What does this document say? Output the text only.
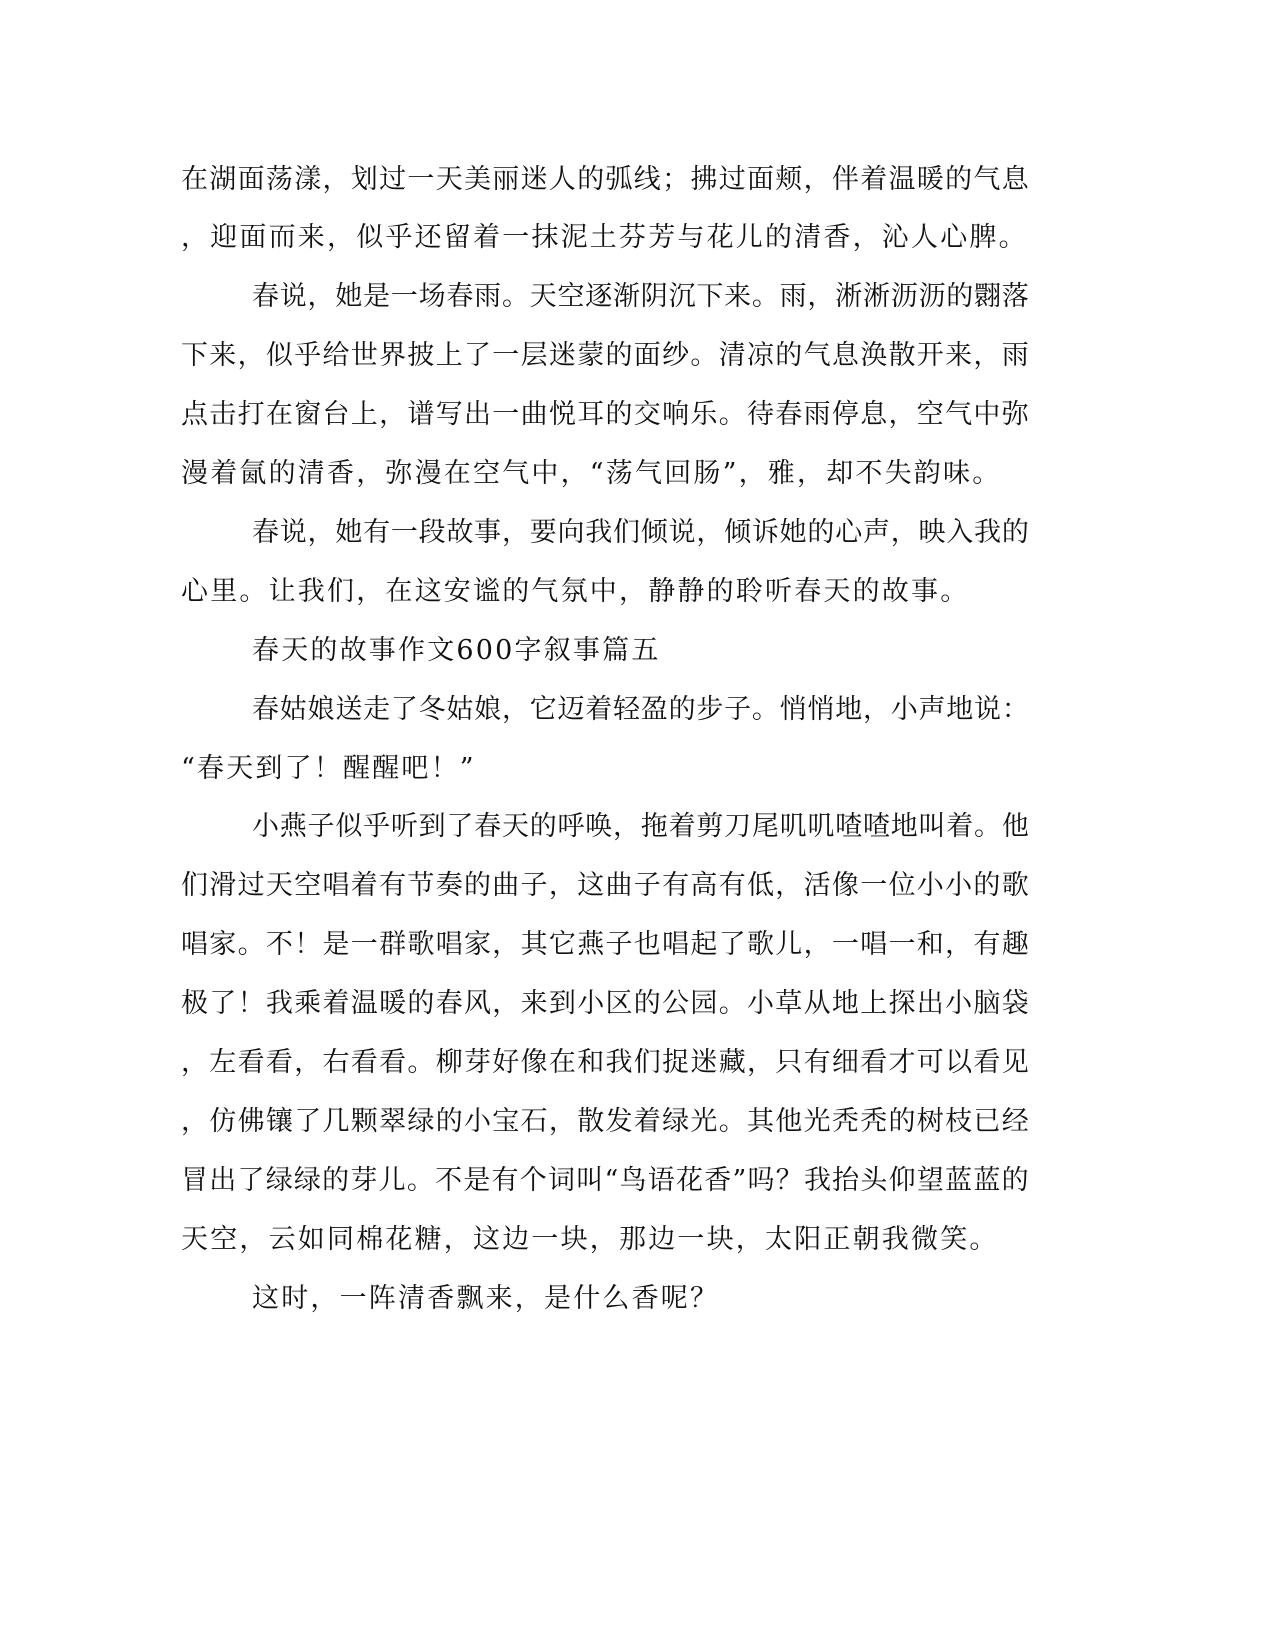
在湖面荡漾，划过一天美丽迷人的弧线；拂过面颊，伴着温暖的气息
，迎面而来，似乎还留着一抹泥土芬芳与花儿的清香，沁人心脾。
春说，她是一场春雨。天空逐渐阴沉下来。雨，淅淅沥沥的翾落
下来，似乎给世界披上了一层迷蒙的面纱。清凉的气息涣散开来，雨
点击打在窗台上，谱写出一曲悦耳的交响乐。待春雨停息，空气中弥
漫着氤的清香，弥漫在空气中，“荡气回肠”，雅，却不失韵味。
春说，她有一段故事，要向我们倾说，倾诉她的心声，映入我的
心里。让我们，在这安谧的气氛中，静静的聆听春天的故事。
春天的故事作文600字叙事篇五
春姑娘送走了冬姑娘，它迈着轻盈的步子。悄悄地，小声地说：
“春天到了！醒醒吧！”
小燕子似乎听到了春天的呼唤，拖着剪刀尾叽叽喳喳地叫着。他
们滑过天空唱着有节奏的曲子，这曲子有高有低，活像一位小小的歌
唱家。不！是一群歌唱家，其它燕子也唱起了歌儿，一唱一和，有趣
极了！我乘着温暖的春风，来到小区的公园。小草从地上探出小脑袋
，左看看，右看看。柳芽好像在和我们捉迷藏，只有细看才可以看见
，仿佛镶了几颗翠绿的小宝石，散发着绿光。其他光秃秃的树枝已经
冒出了绿绿的芽儿。不是有个词叫“鸟语花香”吗？我抬头仰望蓝蓝的
天空，云如同棉花糖，这边一块，那边一块，太阳正朝我微笑。
这时，一阵清香飘来，是什么香呢？
